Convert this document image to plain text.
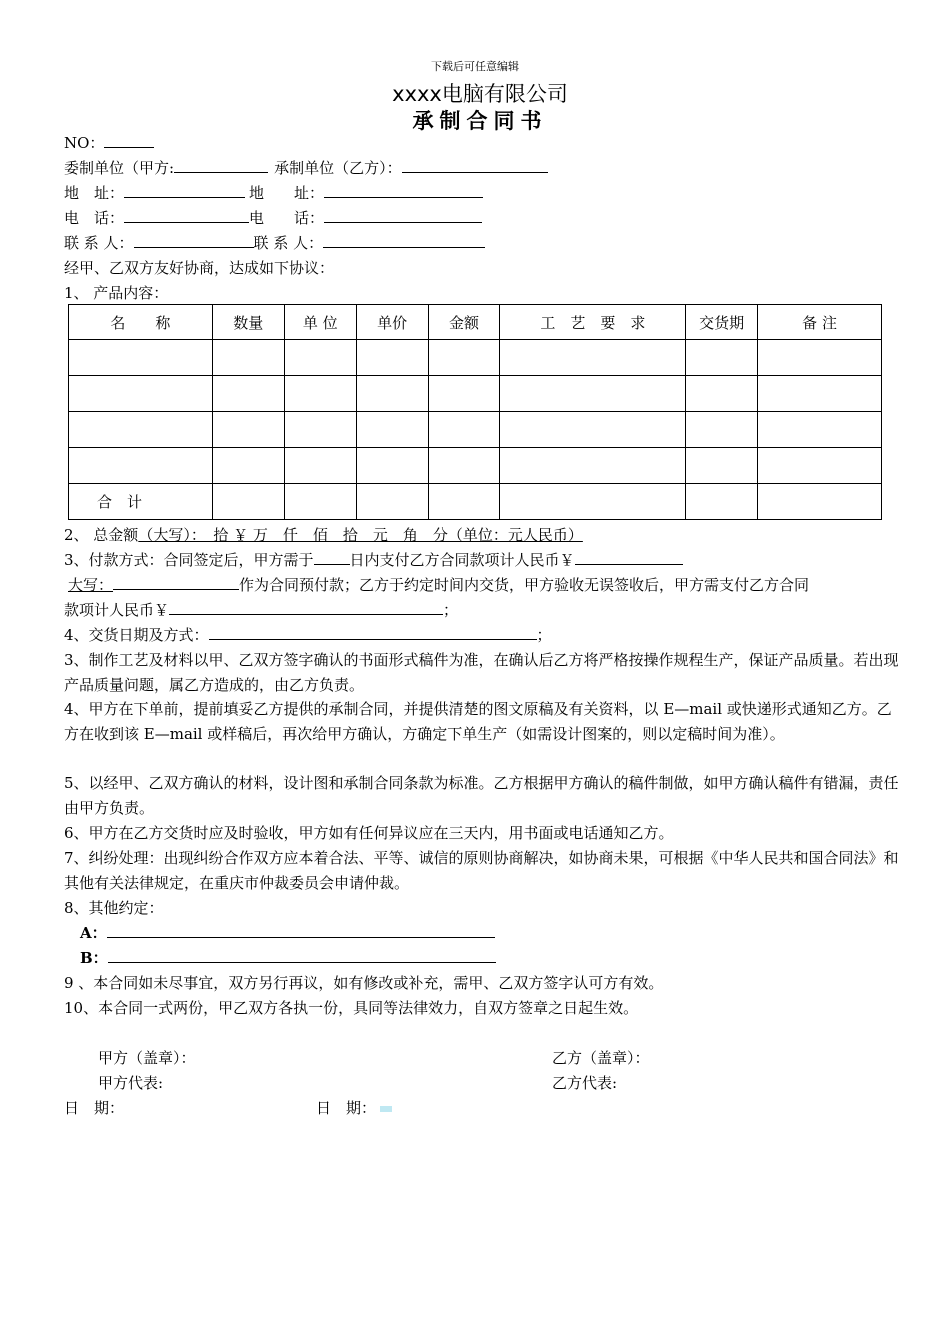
下载后可任意编辑
xxxx电脑有限公司
承制合同书
NO：
委制单位（甲方:	承制单位（乙方）：
地　址：	地　　址：
电　话：	电　　话：
联 系 人：	联 系 人：
经甲、乙双方友好协商，达成如下协议：
1、 产品内容：
名　　称	数量	单 位	单价	金额	工　艺　要　求	交货期	备 注

合　计							
2、 总金额（大写）：　拾 ￥ 万　仟　佰　拾　元　角　分（单位：元人民币）
3、付款方式：合同签定后，甲方需于 日内支付乙方合同款项计人民币￥
大写：	作为合同预付款；乙方于约定时间内交货，甲方验收无误签收后，甲方需支付乙方合同
款项计人民币￥	；
4、交货日期及方式：	；
3、制作工艺及材料以甲、乙双方签字确认的书面形式稿件为准，在确认后乙方将严格按操作规程生产，保证产品质量。若出现产品质量问题，属乙方造成的，由乙方负责。
4、甲方在下单前，提前填妥乙方提供的承制合同，并提供清楚的图文原稿及有关资料，以 E—mail 或快递形式通知乙方。乙方在收到该 E—mail 或样稿后，再次给甲方确认，方确定下单生产（如需设计图案的，则以定稿时间为准）。
5、以经甲、乙双方确认的材料，设计图和承制合同条款为标准。乙方根据甲方确认的稿件制做，如甲方确认稿件有错漏，责任由甲方负责。
6、甲方在乙方交货时应及时验收，甲方如有任何异议应在三天内，用书面或电话通知乙方。
7、纠纷处理：出现纠纷合作双方应本着合法、平等、诚信的原则协商解决，如协商未果，可根据《中华人民共和国合同法》和其他有关法律规定，在重庆市仲裁委员会申请仲裁。
8、其他约定：
A：
B：
9 、本合同如未尽事宜，双方另行再议，如有修改或补充，需甲、乙双方签字认可方有效。
10、本合同一式两份，甲乙双方各执一份，具同等法律效力，自双方签章之日起生效。
甲方（盖章）：	乙方（盖章）：
甲方代表:	乙方代表:
日　期：	日　期：
